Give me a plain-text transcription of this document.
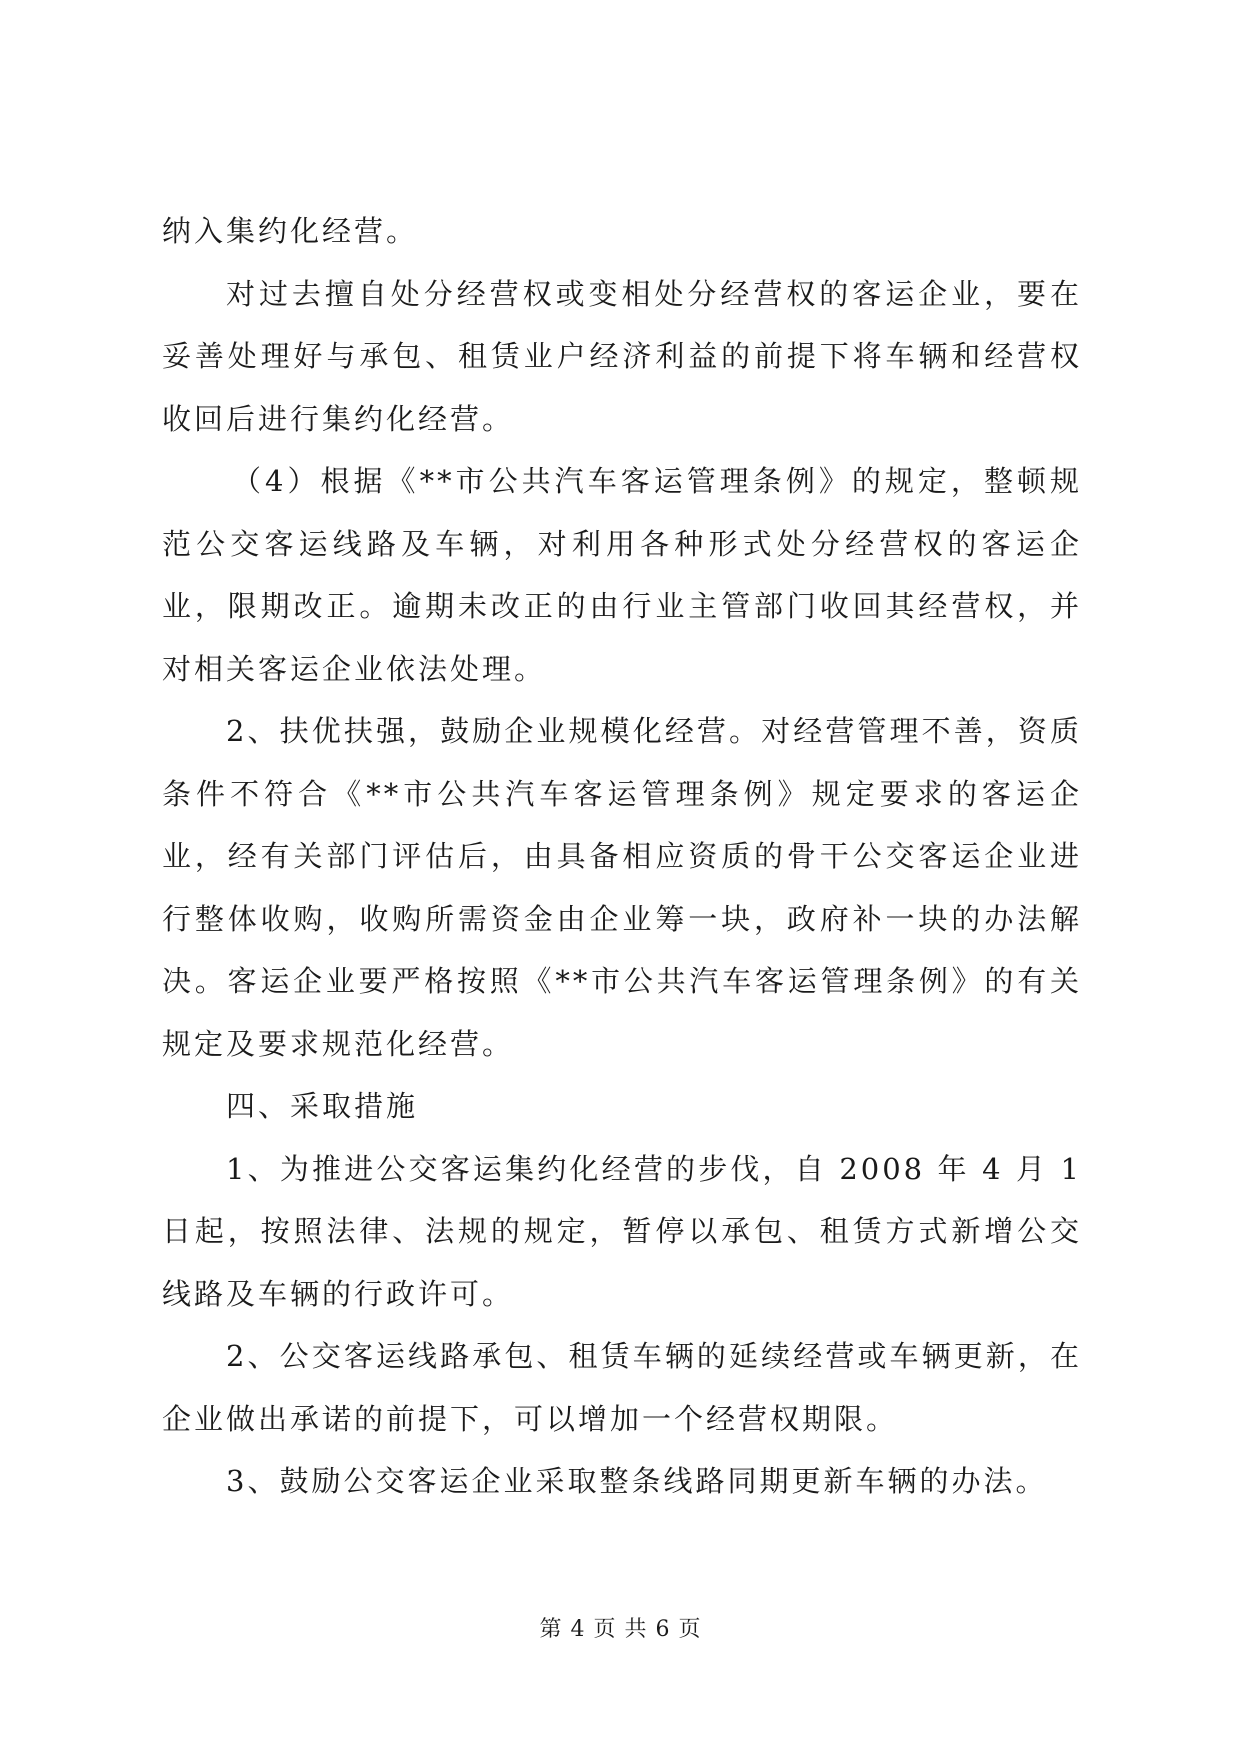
纳入集约化经营。

对过去擅自处分经营权或变相处分经营权的客运企业，要在妥善处理好与承包、租赁业户经济利益的前提下将车辆和经营权收回后进行集约化经营。

（4）根据《**市公共汽车客运管理条例》的规定，整顿规范公交客运线路及车辆，对利用各种形式处分经营权的客运企业，限期改正。逾期未改正的由行业主管部门收回其经营权，并对相关客运企业依法处理。

2、扶优扶强，鼓励企业规模化经营。对经营管理不善，资质条件不符合《**市公共汽车客运管理条例》规定要求的客运企业，经有关部门评估后，由具备相应资质的骨干公交客运企业进行整体收购，收购所需资金由企业筹一块，政府补一块的办法解决。客运企业要严格按照《**市公共汽车客运管理条例》的有关规定及要求规范化经营。

四、采取措施

1、为推进公交客运集约化经营的步伐，自 2008 年 4 月 1 日起，按照法律、法规的规定，暂停以承包、租赁方式新增公交线路及车辆的行政许可。

2、公交客运线路承包、租赁车辆的延续经营或车辆更新，在企业做出承诺的前提下，可以增加一个经营权期限。

3、鼓励公交客运企业采取整条线路同期更新车辆的办法。

第 4 页 共 6 页
